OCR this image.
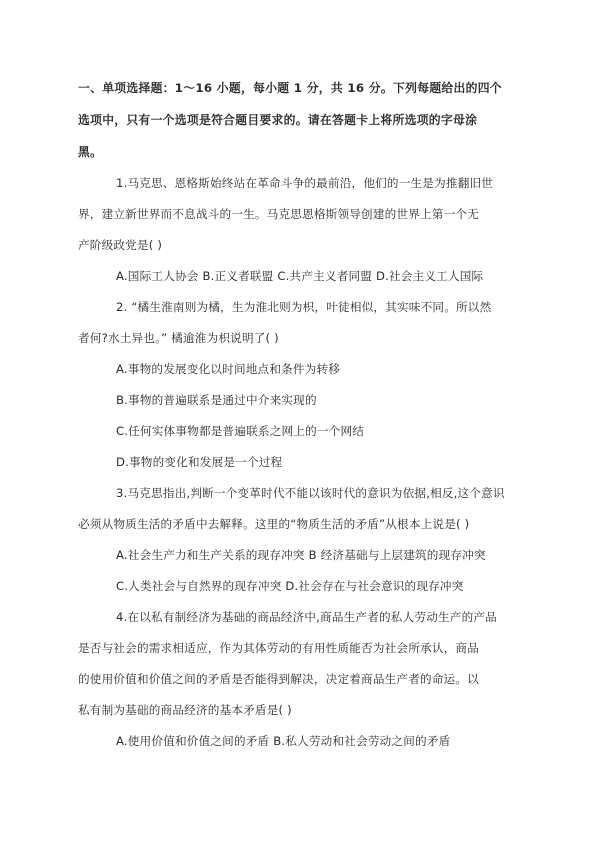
一、单项选择题：1～16 小题，每小题 1 分，共 16 分。下列每题给出的四个
选项中，只有一个选项是符合题目要求的。请在答题卡上将所选项的字母涂
黑。
1.马克思、恩格斯始终站在革命斗争的最前沿，他们的一生是为推翻旧世
界，建立新世界而不息战斗的一生。马克思恩格斯领导创建的世界上第一个无
产阶级政党是( )
A.国际工人协会 B.正义者联盟 C.共产主义者同盟 D.社会主义工人国际
2. “橘生淮南则为橘，生为淮北则为枳，叶徒相似，其实味不同。所以然
者何?水土异也。” 橘逾淮为枳说明了( )
A.事物的发展变化以时间地点和条件为转移
B.事物的普遍联系是通过中介来实现的
C.任何实体事物都是普遍联系之网上的一个网结
D.事物的变化和发展是一个过程
3.马克思指出,判断一个变革时代不能以该时代的意识为依据,相反,这个意识
必须从物质生活的矛盾中去解释。这里的“物质生活的矛盾”从根本上说是( )
A.社会生产力和生产关系的现存冲突 B 经济基础与上层建筑的现存冲突
C.人类社会与自然界的现存冲突 D.社会存在与社会意识的现存冲突
4.在以私有制经济为基础的商品经济中,商品生产者的私人劳动生产的产品
是否与社会的需求相适应，作为其体劳动的有用性质能否为社会所承认，商品
的使用价值和价值之间的矛盾是否能得到解决，决定着商品生产者的命运。以
私有制为基础的商品经济的基本矛盾是( )
A.使用价值和价值之间的矛盾 B.私人劳动和社会劳动之间的矛盾
